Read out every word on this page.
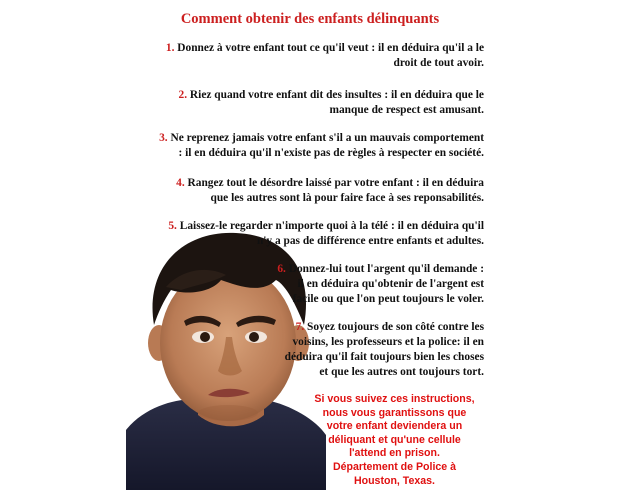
Comment obtenir des enfants délinquants
1. Donnez à votre enfant tout ce qu'il veut : il en déduira qu'il a le
droit de tout avoir.
2. Riez quand votre enfant dit des insultes : il en déduira que le
manque de respect est amusant.
3. Ne reprenez jamais votre enfant s'il a un mauvais comportement
: il en déduira qu'il n'existe pas de règles à respecter en société.
4. Rangez tout le désordre laissé par votre enfant : il en déduira
que les autres sont là pour faire face à ses reponsabilités.
5. Laissez-le regarder n'importe quoi à la télé : il en déduira qu'il
n'y a pas de différence entre enfants et adultes.
6. Donnez-lui tout l'argent qu'il demande :
il en déduira qu'obtenir de l'argent est
facile ou que l'on peut toujours le voler.
7. Soyez toujours de son côté contre les
voisins, les professeurs et la police: il en
déduira qu'il fait toujours bien les choses
et que les autres ont toujours tort.
Si vous suivez ces instructions,
nous vous garantissons que
votre enfant deviendera un
déliquant et qu'une cellule
l'attend en prison.
Département de Police à
Houston, Texas.
